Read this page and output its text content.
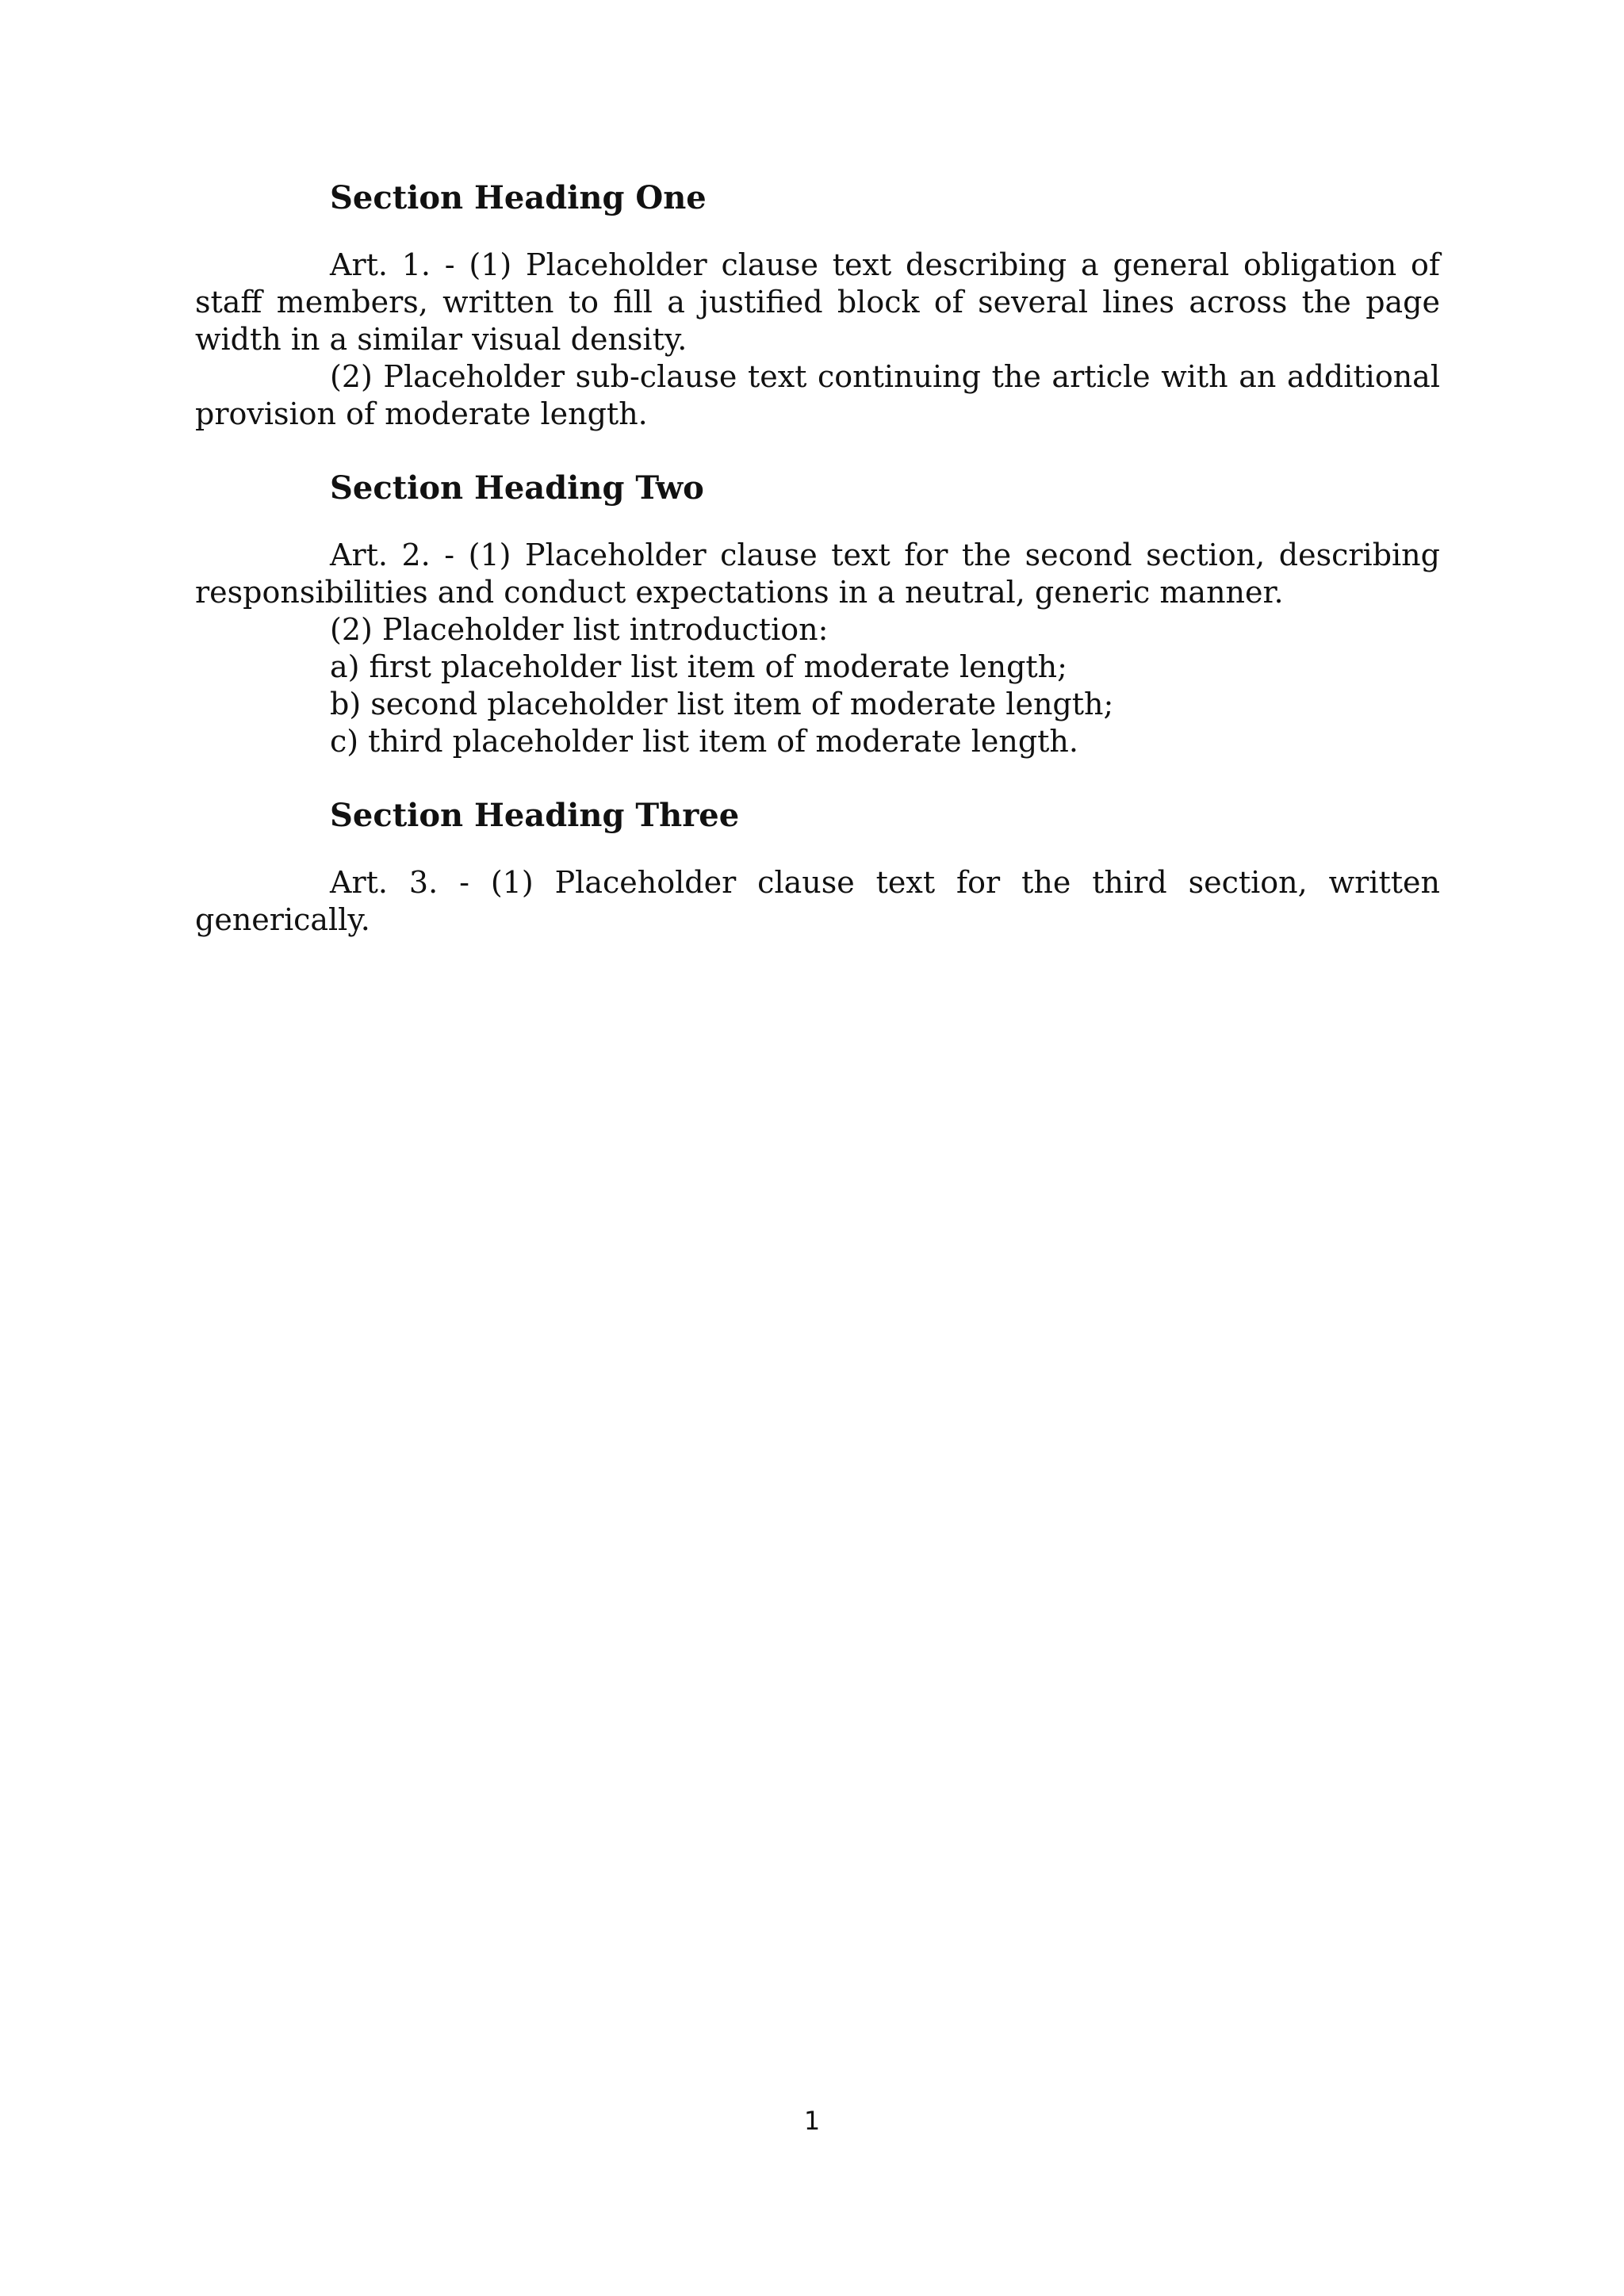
Section Heading One

Art. 1. - (1) Placeholder clause text describing a general obligation of staff members, written to fill a justified block of several lines across the page width in a similar visual density.

(2) Placeholder sub-clause text continuing the article with an additional provision of moderate length.

Section Heading Two

Art. 2. - (1) Placeholder clause text for the second section, describing responsibilities and conduct expectations in a neutral, generic manner.

(2) Placeholder list introduction:

a) first placeholder list item of moderate length;

b) second placeholder list item of moderate length;

c) third placeholder list item of moderate length.

Section Heading Three

Art. 3. - (1) Placeholder clause text for the third section, written generically.

1
